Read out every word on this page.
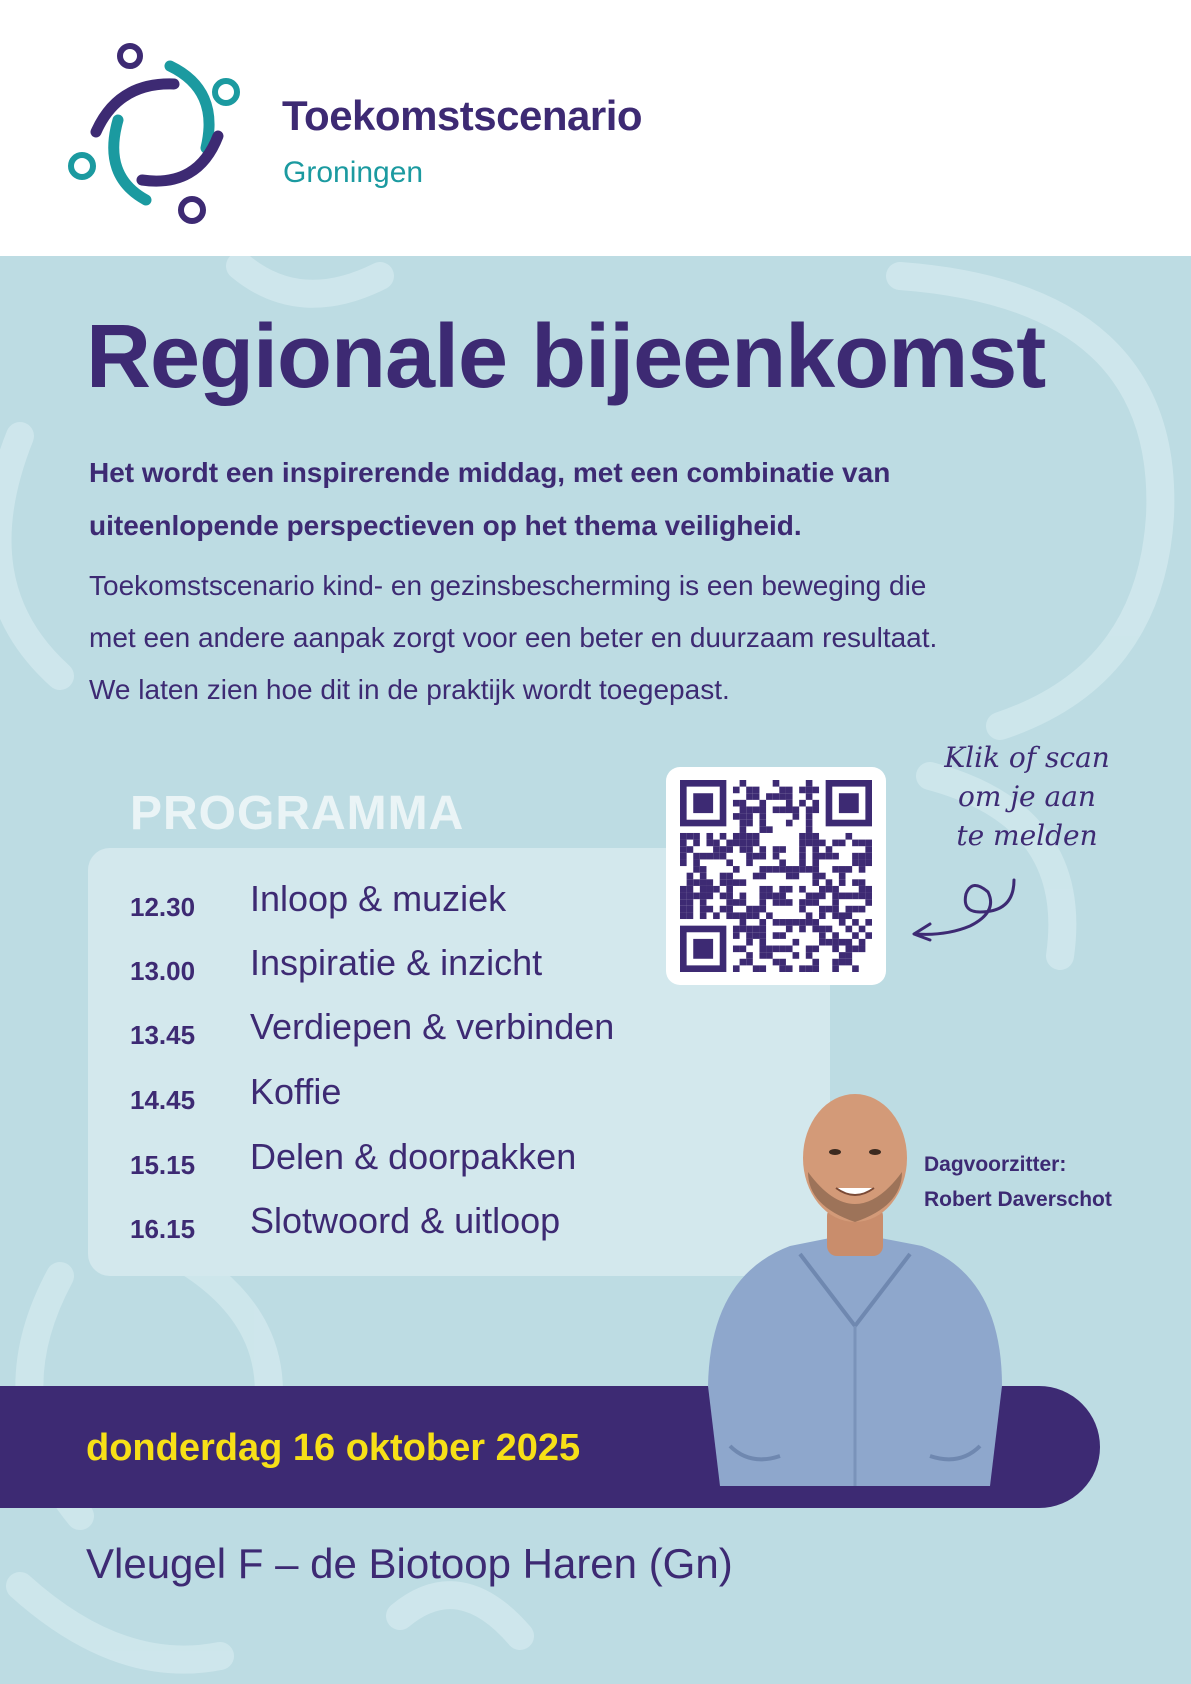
Toekomstscenario
Groningen
Regionale bijeenkomst
Het wordt een inspirerende middag, met een combinatie van
uiteenlopende perspectieven op het thema veiligheid.
Toekomstscenario kind- en gezinsbescherming is een beweging die
met een andere aanpak zorgt voor een beter en duurzaam resultaat.
We laten zien hoe dit in de praktijk wordt toegepast.
PROGRAMMA
12.30 Inloop & muziek
13.00 Inspiratie & inzicht
13.45 Verdiepen & verbinden
14.45 Koffie
15.15 Delen & doorpakken
16.15 Slotwoord & uitloop
Klik of scan
om je aan
te melden
donderdag 16 oktober 2025
Dagvoorzitter:
Robert Daverschot
Vleugel F – de Biotoop Haren (Gn)
